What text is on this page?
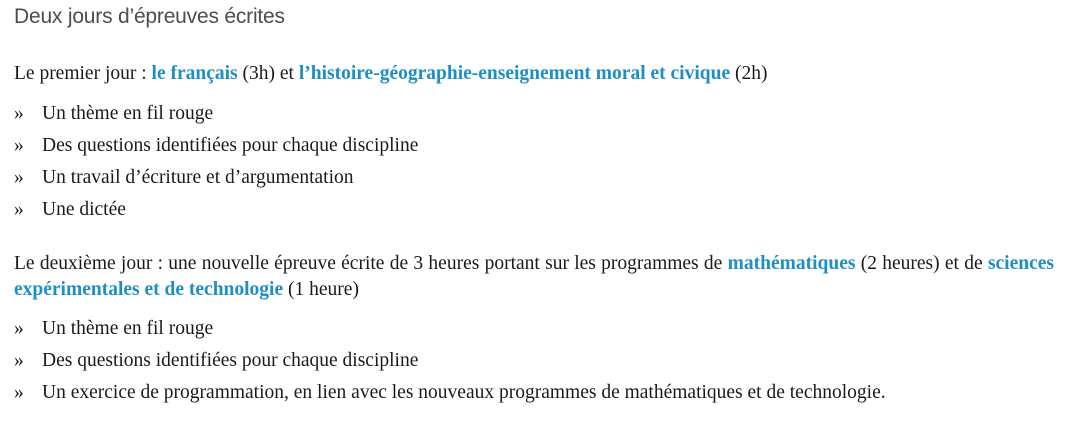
Deux jours d’épreuves écrites
Le premier jour : le français (3h) et l’histoire-géographie-enseignement moral et civique (2h)
» Un thème en fil rouge
» Des questions identifiées pour chaque discipline
» Un travail d’écriture et d’argumentation
» Une dictée
Le deuxième jour : une nouvelle épreuve écrite de 3 heures portant sur les programmes de mathématiques (2 heures) et de sciences expérimentales et de technologie (1 heure)
» Un thème en fil rouge
» Des questions identifiées pour chaque discipline
» Un exercice de programmation, en lien avec les nouveaux programmes de mathématiques et de technologie.
